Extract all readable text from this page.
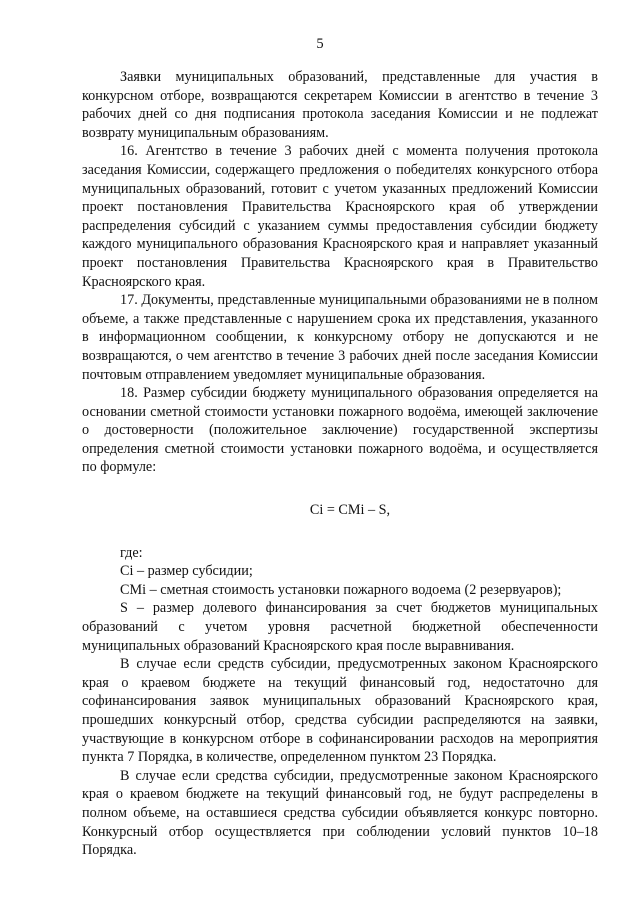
5

Заявки муниципальных образований, представленные для участия в конкурсном отборе, возвращаются секретарем Комиссии в агентство в течение 3 рабочих дней со дня подписания протокола заседания Комиссии и не подлежат возврату муниципальным образованиям.

16. Агентство в течение 3 рабочих дней с момента получения протокола заседания Комиссии, содержащего предложения о победителях конкурсного отбора муниципальных образований, готовит с учетом указанных предложений Комиссии проект постановления Правительства Красноярского края об утверждении распределения субсидий с указанием суммы предоставления субсидии бюджету каждого муниципального образования Красноярского края и направляет указанный проект постановления Правительства Красноярского края в Правительство Красноярского края.

17. Документы, представленные муниципальными образованиями не в полном объеме, а также представленные с нарушением срока их представления, указанного в информационном сообщении, к конкурсному отбору не допускаются и не возвращаются, о чем агентство в течение 3 рабочих дней после заседания Комиссии почтовым отправлением уведомляет муниципальные образования.

18. Размер субсидии бюджету муниципального образования определяется на основании сметной стоимости установки пожарного водоёма, имеющей заключение о достоверности (положительное заключение) государственной экспертизы определения сметной стоимости установки пожарного водоёма, и осуществляется по формуле:

Ci = CMi – S,

где:

Ci – размер субсидии;

CMi – сметная стоимость установки пожарного водоема (2 резервуаров);

S – размер долевого финансирования за счет бюджетов муниципальных образований с учетом уровня расчетной бюджетной обеспеченности муниципальных образований Красноярского края после выравнивания.

В случае если средств субсидии, предусмотренных законом Красноярского края о краевом бюджете на текущий финансовый год, недостаточно для софинансирования заявок муниципальных образований Красноярского края, прошедших конкурсный отбор, средства субсидии распределяются на заявки, участвующие в конкурсном отборе в софинансировании расходов на мероприятия пункта 7 Порядка, в количестве, определенном пунктом 23 Порядка.

В случае если средства субсидии, предусмотренные законом Красноярского края о краевом бюджете на текущий финансовый год, не будут распределены в полном объеме, на оставшиеся средства субсидии объявляется конкурс повторно. Конкурсный отбор осуществляется при соблюдении условий пунктов 10–18 Порядка.
